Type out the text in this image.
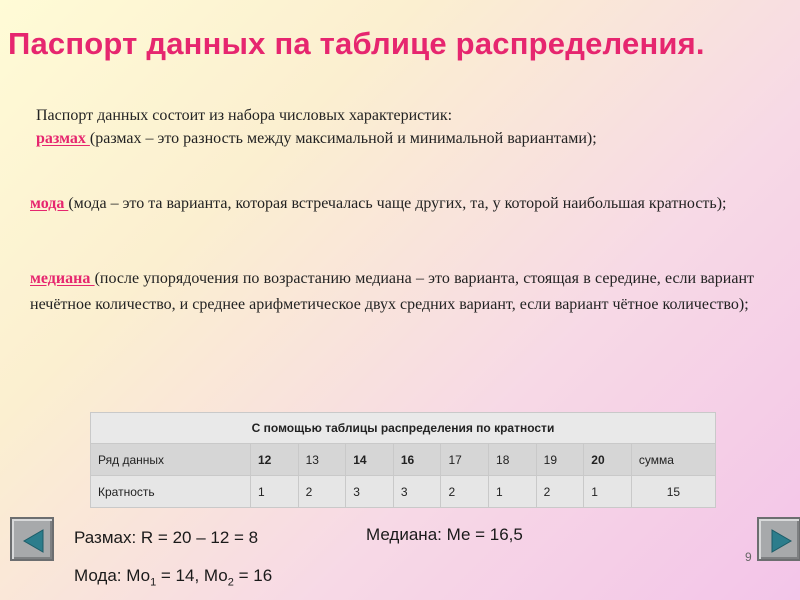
Паспорт данных па таблице распределения.
Паспорт данных состоит из набора числовых характеристик:
размах (размах – это разность между максимальной и минимальной вариантами);
мода (мода – это та варианта, которая встречалась чаще других, та, у которой наибольшая кратность);
медиана (после упорядочения по возрастанию медиана – это варианта, стоящая в середине, если вариант нечётное количество, и среднее арифметическое двух средних вариант, если вариант чётное количество);
С помощью таблицы распределения по кратности									
Ряд данных	12	13	14	16	17	18	19	20	сумма
Кратность	1	2	3	3	2	1	2	1	15
Размах: R = 20 – 12 = 8	Медиана: Ме = 16,5
Мода: $Мо_1 = 14$, $Мо_2 = 16$
9
